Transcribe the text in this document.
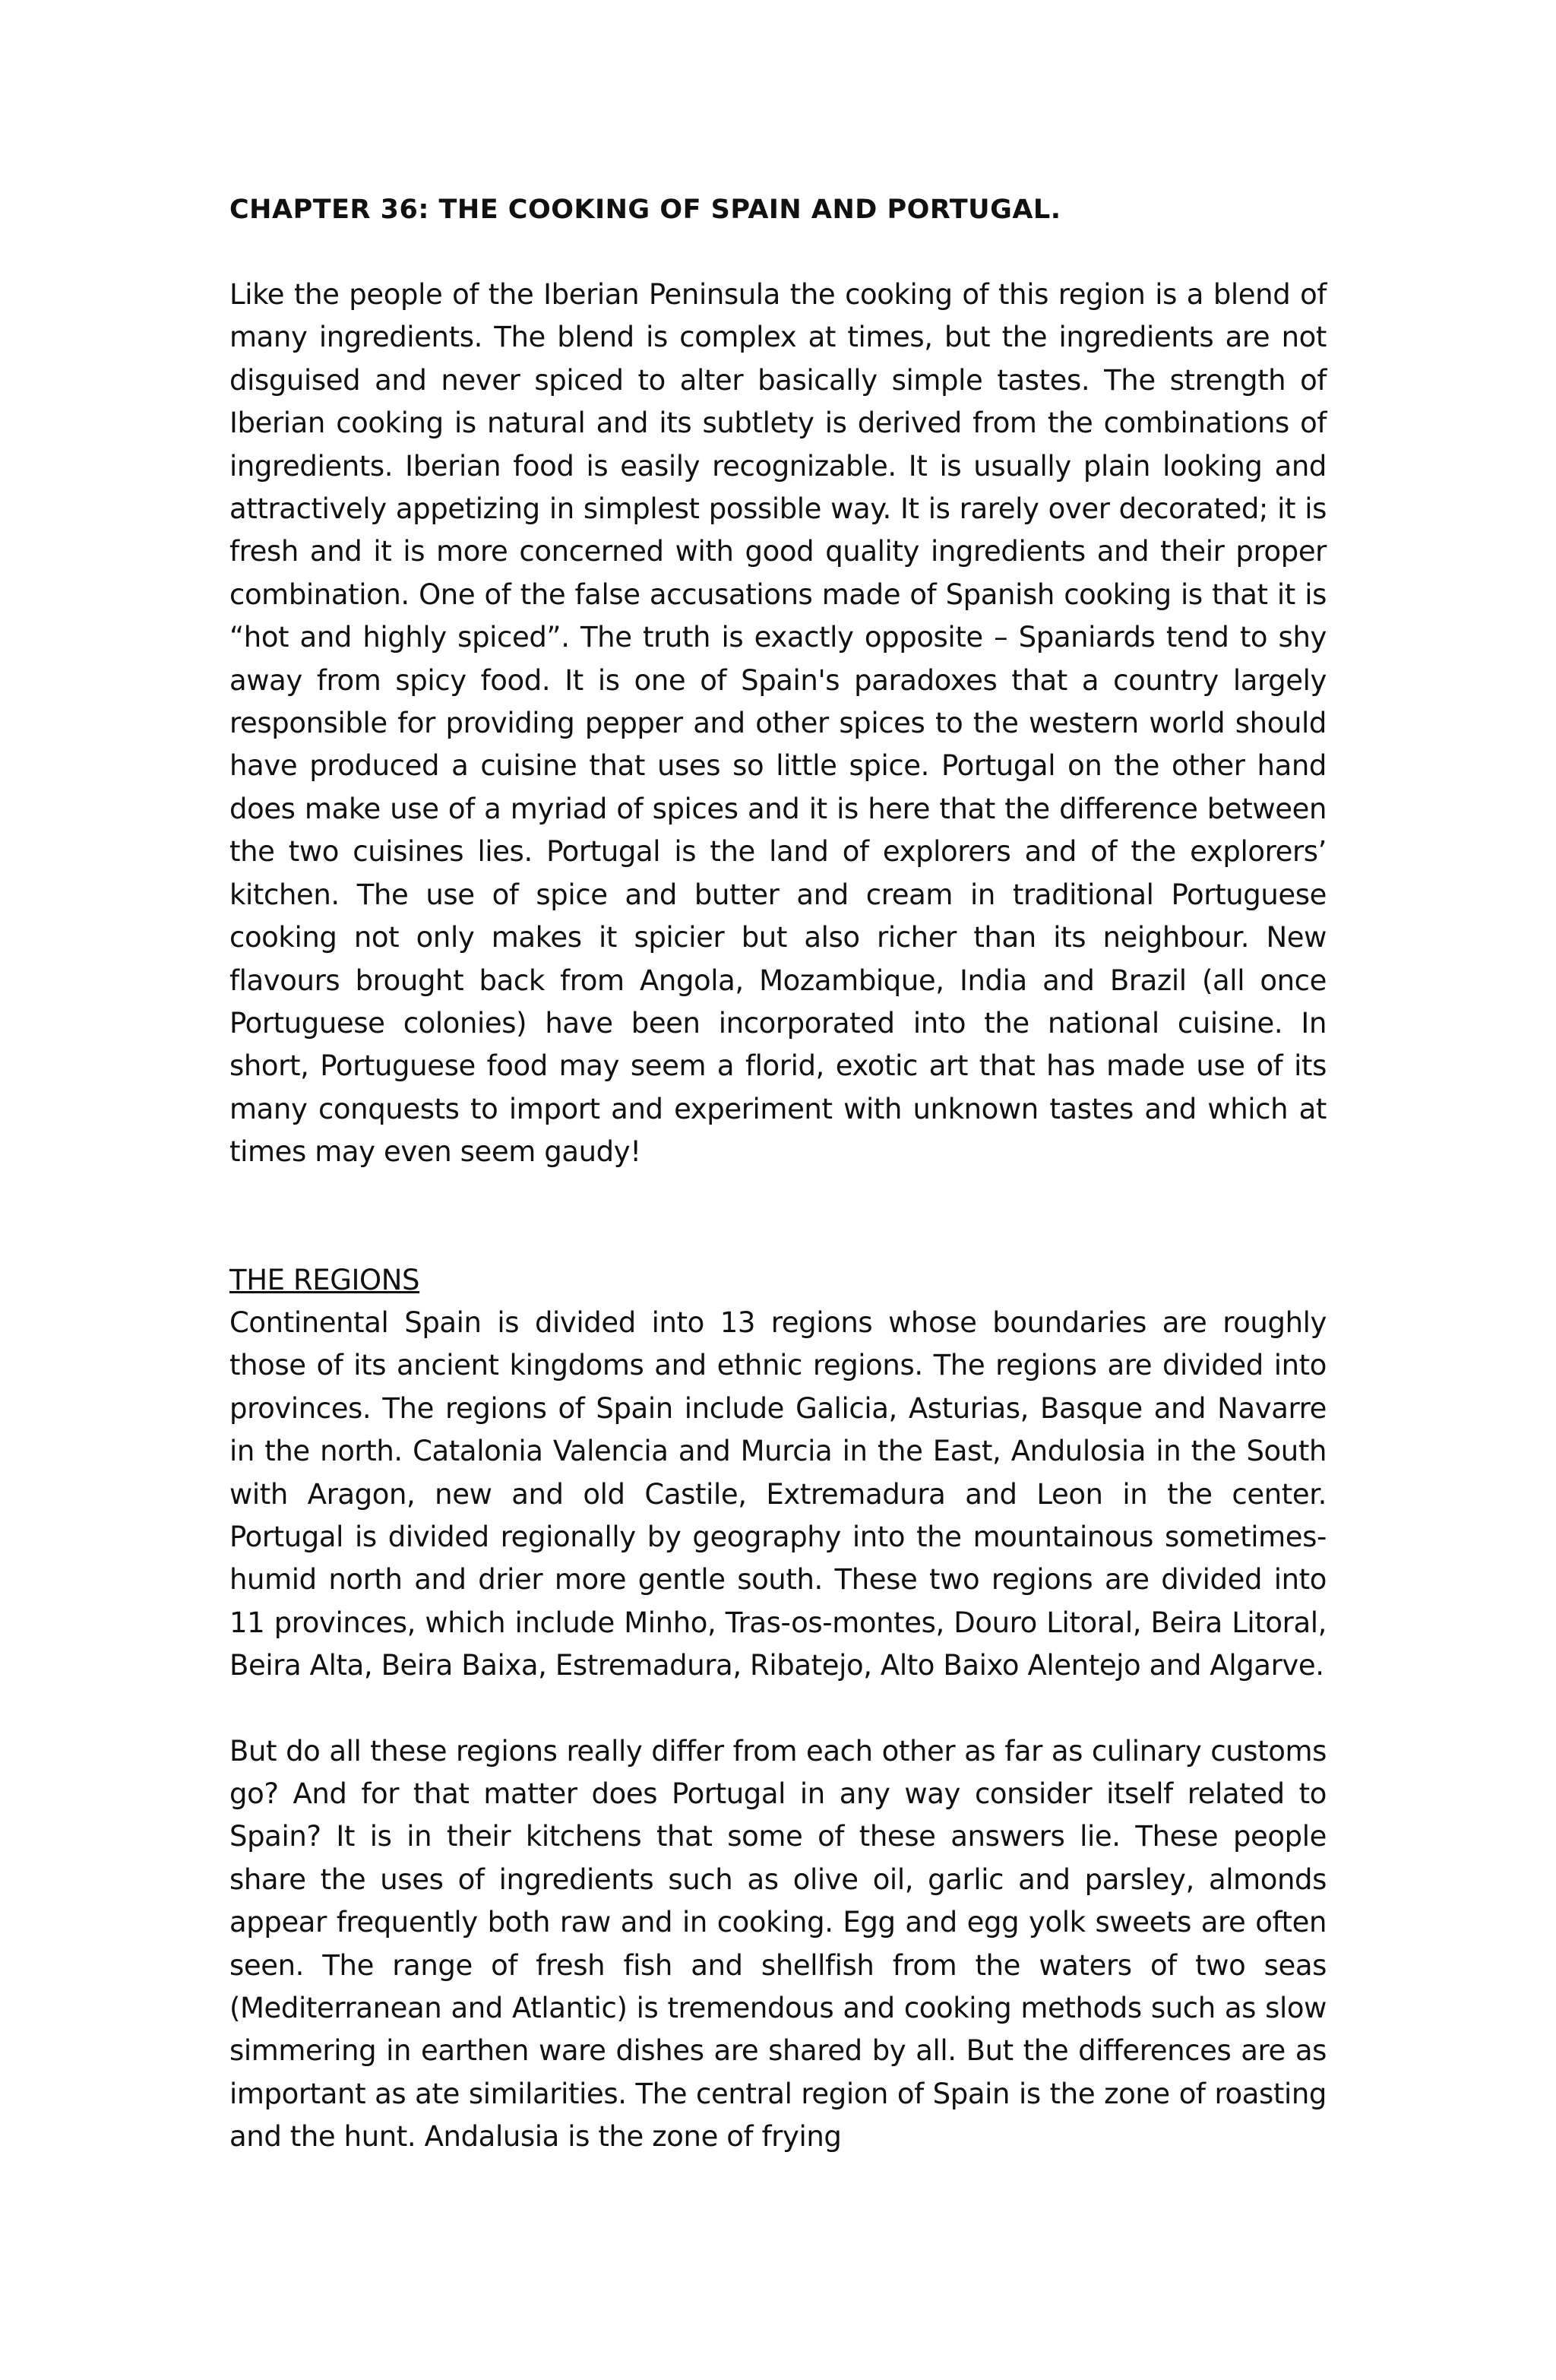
CHAPTER 36: THE COOKING OF SPAIN AND PORTUGAL.

Like the people of the Iberian Peninsula the cooking of this region is a blend of many ingredients. The blend is complex at times, but the ingredients are not disguised and never spiced to alter basically simple tastes. The strength of Iberian cooking is natural and its subtlety is derived from the combinations of ingredients. Iberian food is easily recognizable. It is usually plain looking and attractively appetizing in simplest possible way. It is rarely over decorated; it is fresh and it is more concerned with good quality ingredients and their proper combination. One of the false accusations made of Spanish cooking is that it is “hot and highly spiced”. The truth is exactly opposite – Spaniards tend to shy away from spicy food. It is one of Spain's paradoxes that a country largely responsible for providing pepper and other spices to the western world should have produced a cuisine that uses so little spice. Portugal on the other hand does make use of a myriad of spices and it is here that the difference between the two cuisines lies. Portugal is the land of explorers and of the explorers’ kitchen. The use of spice and butter and cream in traditional Portuguese cooking not only makes it spicier but also richer than its neighbour. New flavours brought back from Angola, Mozambique, India and Brazil (all once Portuguese colonies) have been incorporated into the national cuisine. In short, Portuguese food may seem a florid, exotic art that has made use of its many conquests to import and experiment with unknown tastes and which at times may even seem gaudy!

THE REGIONS

Continental Spain is divided into 13 regions whose boundaries are roughly those of its ancient kingdoms and ethnic regions. The regions are divided into provinces. The regions of Spain include Galicia, Asturias, Basque and Navarre in the north. Catalonia Valencia and Murcia in the East, Andulosia in the South with Aragon, new and old Castile, Extremadura and Leon in the center. Portugal is divided regionally by geography into the mountainous sometimes-humid north and drier more gentle south. These two regions are divided into 11 provinces, which include Minho, Tras-os-montes, Douro Litoral, Beira Litoral, Beira Alta, Beira Baixa, Estremadura, Ribatejo, Alto Baixo Alentejo and Algarve.

But do all these regions really differ from each other as far as culinary customs go? And for that matter does Portugal in any way consider itself related to Spain? It is in their kitchens that some of these answers lie. These people share the uses of ingredients such as olive oil, garlic and parsley, almonds appear frequently both raw and in cooking. Egg and egg yolk sweets are often seen. The range of fresh fish and shellfish from the waters of two seas (Mediterranean and Atlantic) is tremendous and cooking methods such as slow simmering in earthen ware dishes are shared by all. But the differences are as important as ate similarities. The central region of Spain is the zone of roasting and the hunt. Andalusia is the zone of frying
